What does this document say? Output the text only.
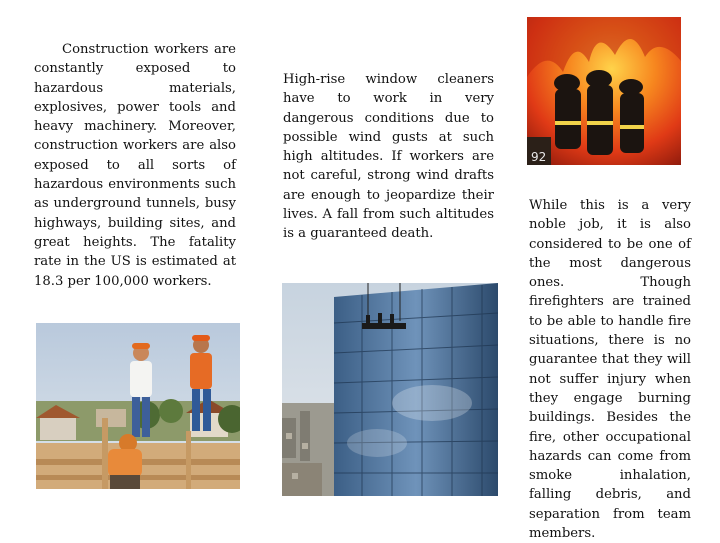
Construction workers are constantly exposed to hazardous materials, explosives, power tools and heavy machinery. Moreover, construction workers are also exposed to all sorts of hazardous environments such as underground tunnels, busy highways, building sites, and great heights. The fatality rate in the US is estimated at 18.3 per 100,000 workers.

High-rise window cleaners have to work in very dangerous conditions due to possible wind gusts at such high altitudes. If workers are not careful, strong wind drafts are enough to jeopardize their lives. A fall from such altitudes is a guaranteed death.

While this is a very noble job, it is also considered to be one of the most dangerous ones. Though firefighters are trained to be able to handle fire situations, there is no guarantee that they will not suffer injury when they engage burning buildings. Besides the fire, other occupational hazards can come from smoke inhalation, falling debris, and separation from team members.

92
